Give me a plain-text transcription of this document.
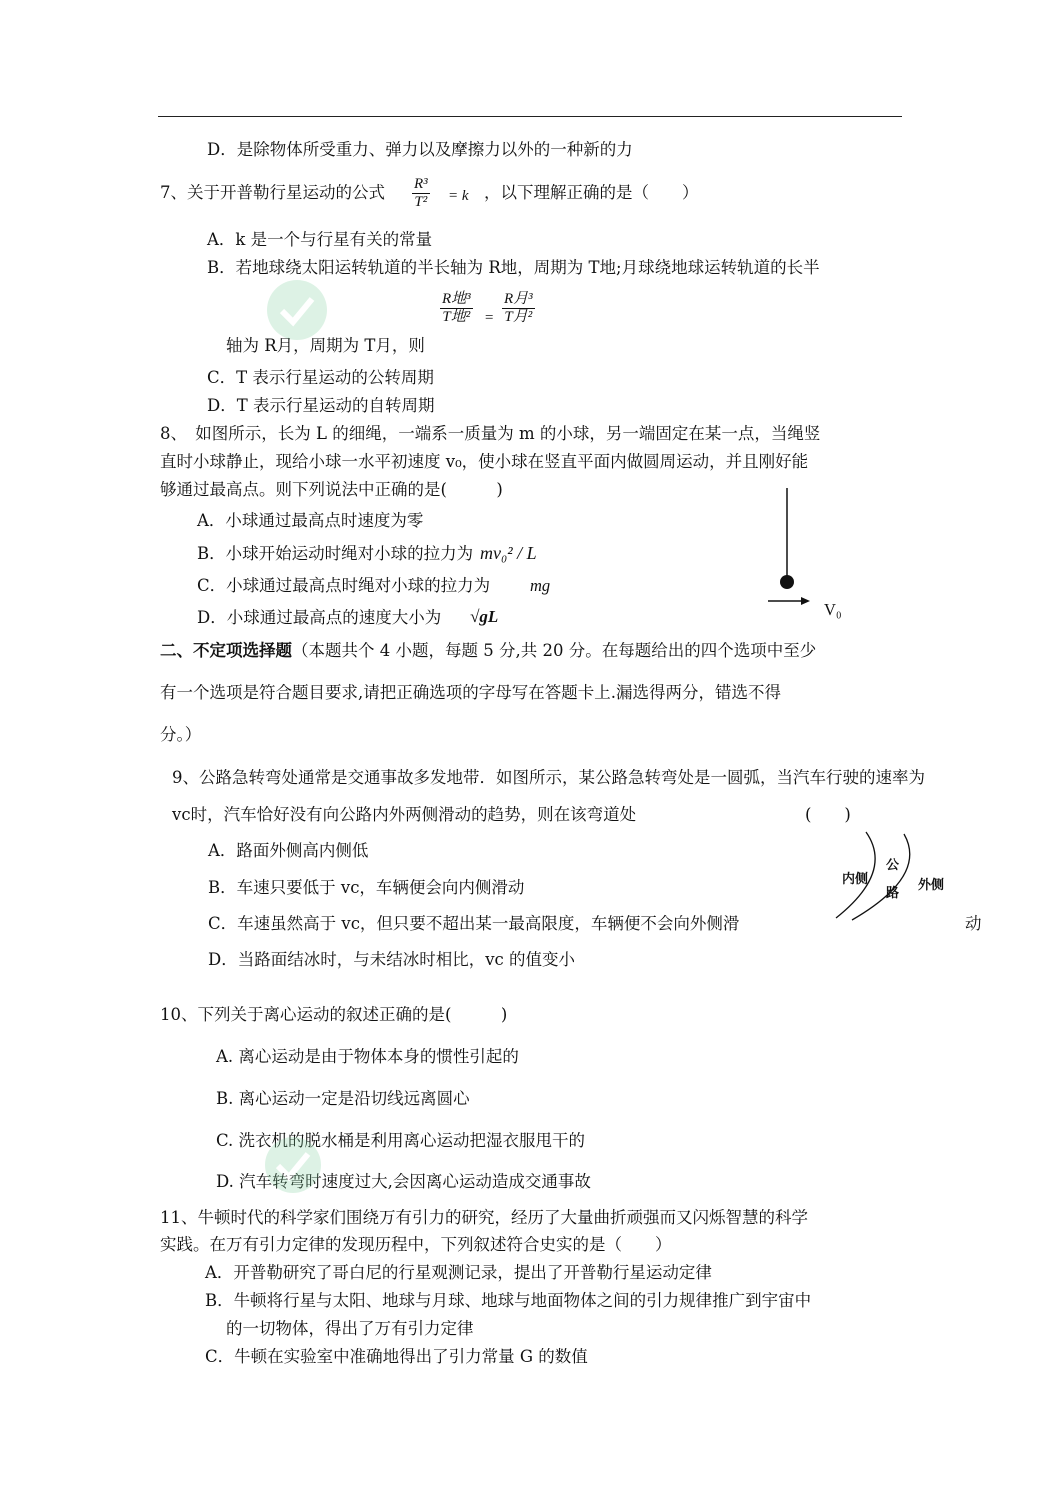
D．是除物体所受重力、弹力以及摩擦力以外的一种新的力
7、关于开普勒行星运动的公式 $\frac{\text{R³}}{\text{T²}} = k$ ，以下理解正确的是（　　）
A．k 是一个与行星有关的常量
B．若地球绕太阳运转轨道的半长轴为 R地，周期为 T地;月球绕地球运转轨道的长半
R地³
T地² =
R月³
T月²
轴为 R月，周期为 T月，则
C．T 表示行星运动的公转周期
D．T 表示行星运动的自转周期
8、　如图所示，长为 L 的细绳，一端系一质量为 m 的小球，另一端固定在某一点，当绳竖
直时小球静止，现给小球一水平初速度 v₀，使小球在竖直平面内做圆周运动，并且刚好能
够通过最高点。则下列说法中正确的是(　　　)
A．小球通过最高点时速度为零
B．小球开始运动时绳对小球的拉力为 mv₀² / L
C．小球通过最高点时绳对小球的拉力为 mg
D．小球通过最高点的速度大小为 √gL	V₀
二、不定项选择题（本题共个 4 小题，每题 5 分,共 20 分。在每题给出的四个选项中至少
有一个选项是符合题目要求,请把正确选项的字母写在答题卡上.漏选得两分，错选不得
分。）
9、公路急转弯处通常是交通事故多发地带．如图所示，某公路急转弯处是一圆弧，当汽车行驶的速率为
vc时，汽车恰好没有向公路内外两侧滑动的趋势，则在该弯道处	(　　)
A．路面外侧高内侧低
B．车速只要低于 vc，车辆便会向内侧滑动
C．车速虽然高于 vc，但只要不超出某一最高限度，车辆便不会向外侧滑	动
D．当路面结冰时，与未结冰时相比，vc 的值变小
内侧
公
路
外侧
10、下列关于离心运动的叙述正确的是(　　　)
A. 离心运动是由于物体本身的惯性引起的
B. 离心运动一定是沿切线远离圆心
C. 洗衣机的脱水桶是利用离心运动把湿衣服甩干的
D. 汽车转弯时速度过大,会因离心运动造成交通事故
11、牛顿时代的科学家们围绕万有引力的研究，经历了大量曲折顽强而又闪烁智慧的科学
实践。在万有引力定律的发现历程中，下列叙述符合史实的是（　　）
A．开普勒研究了哥白尼的行星观测记录，提出了开普勒行星运动定律
B．牛顿将行星与太阳、地球与月球、地球与地面物体之间的引力规律推广到宇宙中
的一切物体，得出了万有引力定律
C．牛顿在实验室中准确地得出了引力常量 G 的数值
